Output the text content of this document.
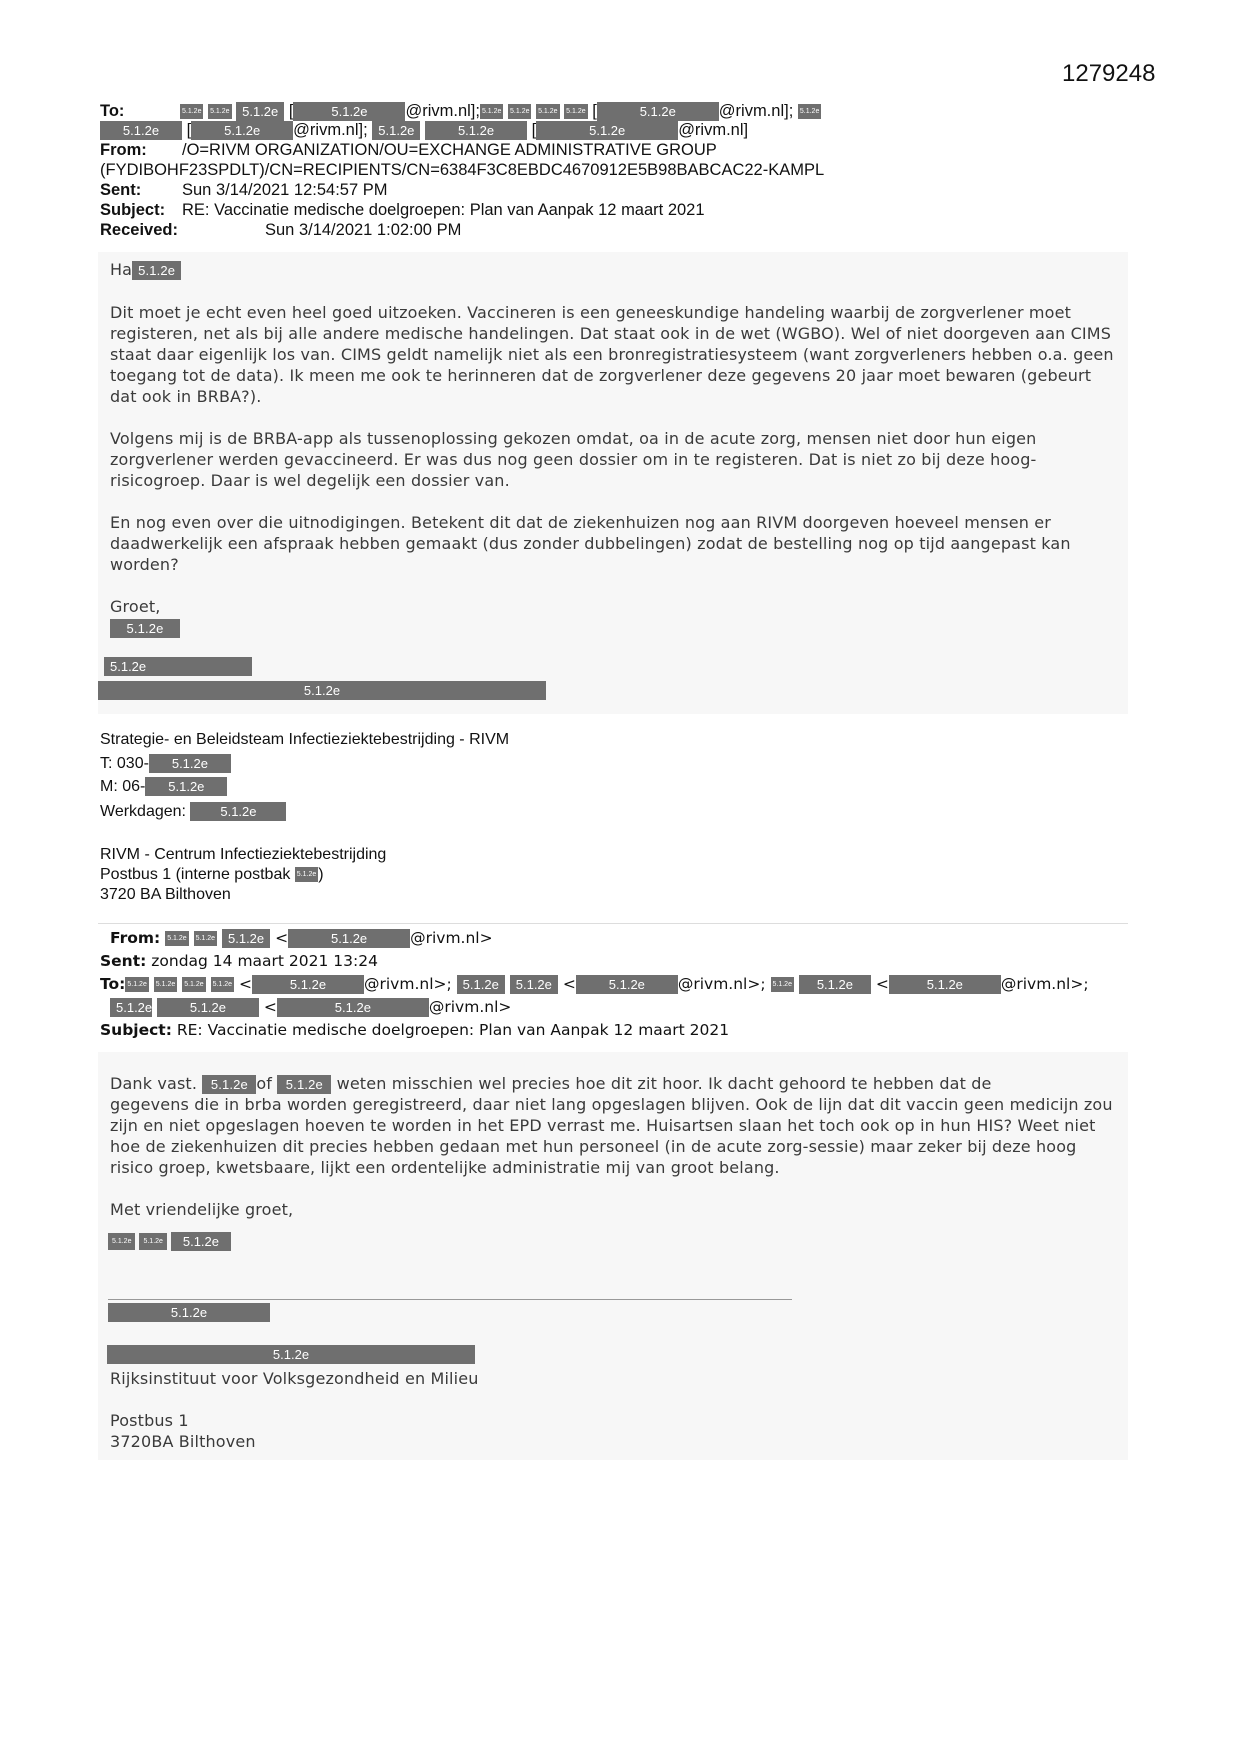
1279248
To:	5.1.2e 5.1.2e 5.1.2e [	5.1.2e @rivm.nl]; 5.1.2e 5.1.2e 5.1.2e 5.1.2e [	5.1.2e	@rivm.nl]; 5.1.2e
5.1.2e [	5.1.2e @rivm.nl]; 5.1.2e	5.1.2e [	5.1.2e	@rivm.nl]
From: /O=RIVM ORGANIZATION/OU=EXCHANGE ADMINISTRATIVE GROUP
(FYDIBOHF23SPDLT)/CN=RECIPIENTS/CN=6384F3C8EBDC4670912E5B98BABCAC22-KAMPL
Sent: Sun 3/14/2021 12:54:57 PM
Subject: RE: Vaccinatie medische doelgroepen: Plan van Aanpak 12 maart 2021
Received:	Sun 3/14/2021 1:02:00 PM
Ha 5.1.2e

Dit moet je echt even heel goed uitzoeken. Vaccineren is een geneeskundige handeling waarbij de zorgverlener moet registeren, net als bij alle andere medische handelingen. Dat staat ook in de wet (WGBO). Wel of niet doorgeven aan CIMS staat daar eigenlijk los van. CIMS geldt namelijk niet als een bronregistratiesysteem (want zorgverleners hebben o.a. geen toegang tot de data). Ik meen me ook te herinneren dat de zorgverlener deze gegevens 20 jaar moet bewaren (gebeurt dat ook in BRBA?).

Volgens mij is de BRBA-app als tussenoplossing gekozen omdat, oa in de acute zorg, mensen niet door hun eigen zorgverlener werden gevaccineerd. Er was dus nog geen dossier om in te registeren. Dat is niet zo bij deze hoog-risicogroep. Daar is wel degelijk een dossier van.

En nog even over die uitnodigingen. Betekent dit dat de ziekenhuizen nog aan RIVM doorgeven hoeveel mensen er daadwerkelijk een afspraak hebben gemaakt (dus zonder dubbelingen) zodat de bestelling nog op tijd aangepast kan worden?

Groet,
5.1.2e
5.1.2e
5.1.2e
Strategie- en Beleidsteam Infectieziektebestrijding - RIVM
T: 030- 5.1.2e
M: 06- 5.1.2e
Werkdagen:	5.1.2e
RIVM - Centrum Infectieziektebestrijding
Postbus 1 (interne postbak 5.1.2e )
3720 BA Bilthoven
From: 5.1.2e 5.1.2e 5.1.2e <	5.1.2e	@rivm.nl>
Sent: zondag 14 maart 2021 13:24
To: 5.1.2e 5.1.2e 5.1.2e 5.1.2e <	5.1.2e @rivm.nl>; 5.1.2e 5.1.2e <	5.1.2e @rivm.nl>; 5.1.2e 5.1.2e <	5.1.2e @rivm.nl>;
5.1.2e	5.1.2e <	5.1.2e	@rivm.nl>
Subject: RE: Vaccinatie medische doelgroepen: Plan van Aanpak 12 maart 2021
Dank vast. 5.1.2e of 5.1.2e weten misschien wel precies hoe dit zit hoor. Ik dacht gehoord te hebben dat de

gegevens die in brba worden geregistreerd, daar niet lang opgeslagen blijven. Ook de lijn dat dit vaccin geen medicijn zou zijn en niet opgeslagen hoeven te worden in het EPD verrast me. Huisartsen slaan het toch ook op in hun HIS? Weet niet hoe de ziekenhuizen dit precies hebben gedaan met hun personeel (in de acute zorg-sessie) maar zeker bij deze hoog risico groep, kwetsbaare, lijkt een ordentelijke administratie mij van groot belang.

Met vriendelijke groet,
5.1.2e 5.1.2e 5.1.2e
5.1.2e
5.1.2e
Rijksinstituut voor Volksgezondheid en Milieu
Postbus 1
3720BA Bilthoven
